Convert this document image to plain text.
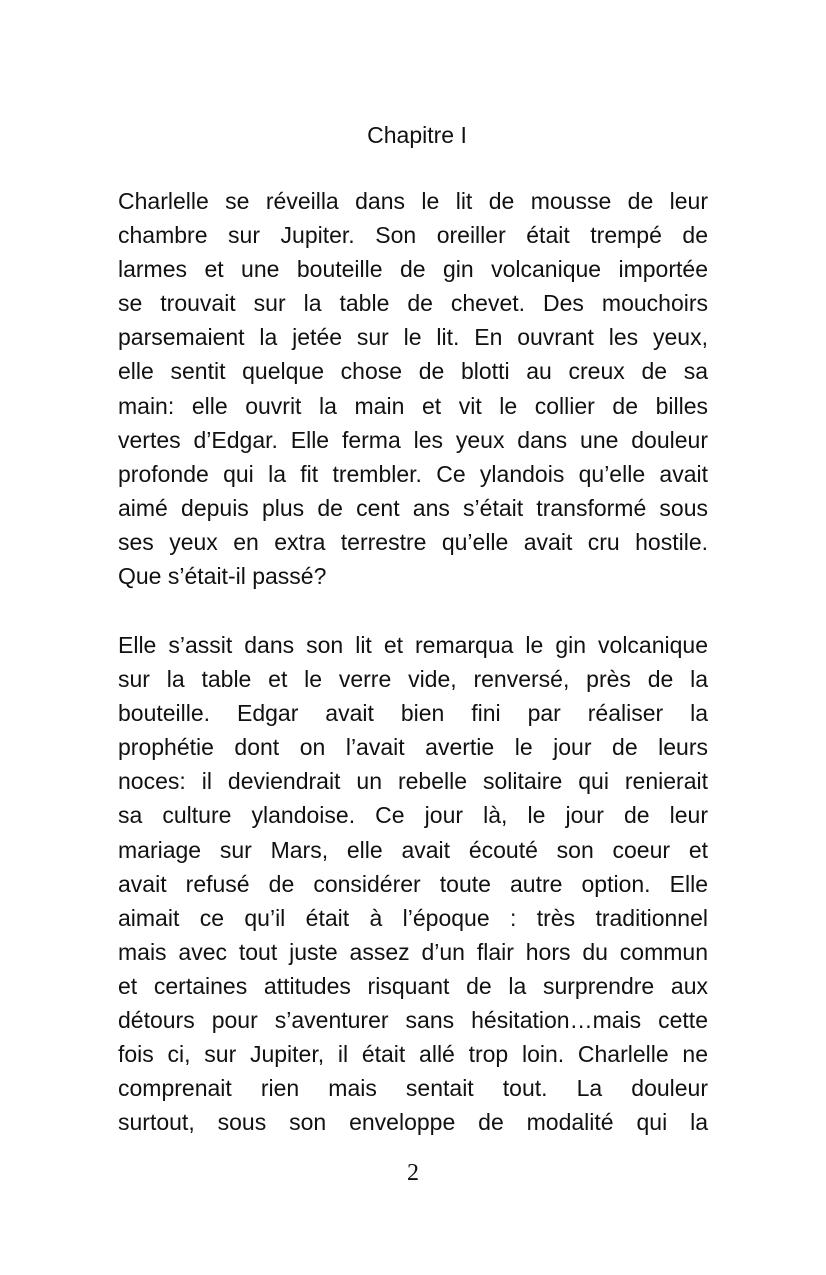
Chapitre I

Charlelle se réveilla dans le lit de mousse de leur
chambre sur Jupiter. Son oreiller était trempé de
larmes et une bouteille de gin volcanique importée
se trouvait sur la table de chevet. Des mouchoirs
parsemaient la jetée sur le lit. En ouvrant les yeux,
elle sentit quelque chose de blotti au creux de sa
main: elle ouvrit la main et vit le collier de billes
vertes d’Edgar. Elle ferma les yeux dans une douleur
profonde qui la fit trembler. Ce ylandois qu’elle avait
aimé depuis plus de cent ans s’était transformé sous
ses yeux en extra terrestre qu’elle avait cru hostile.
Que s’était-il passé?

Elle s’assit dans son lit et remarqua le gin volcanique
sur la table et le verre vide, renversé, près de la
bouteille. Edgar avait bien fini par réaliser la
prophétie dont on l’avait avertie le jour de leurs
noces: il deviendrait un rebelle solitaire qui renierait
sa culture ylandoise. Ce jour là, le jour de leur
mariage sur Mars, elle avait écouté son coeur et
avait refusé de considérer toute autre option. Elle
aimait ce qu’il était à l’époque : très traditionnel
mais avec tout juste assez d’un flair hors du commun
et certaines attitudes risquant de la surprendre aux
détours pour s’aventurer sans hésitation…mais cette
fois ci, sur Jupiter, il était allé trop loin. Charlelle ne
comprenait rien mais sentait tout. La douleur
surtout, sous son enveloppe de modalité qui la

2
